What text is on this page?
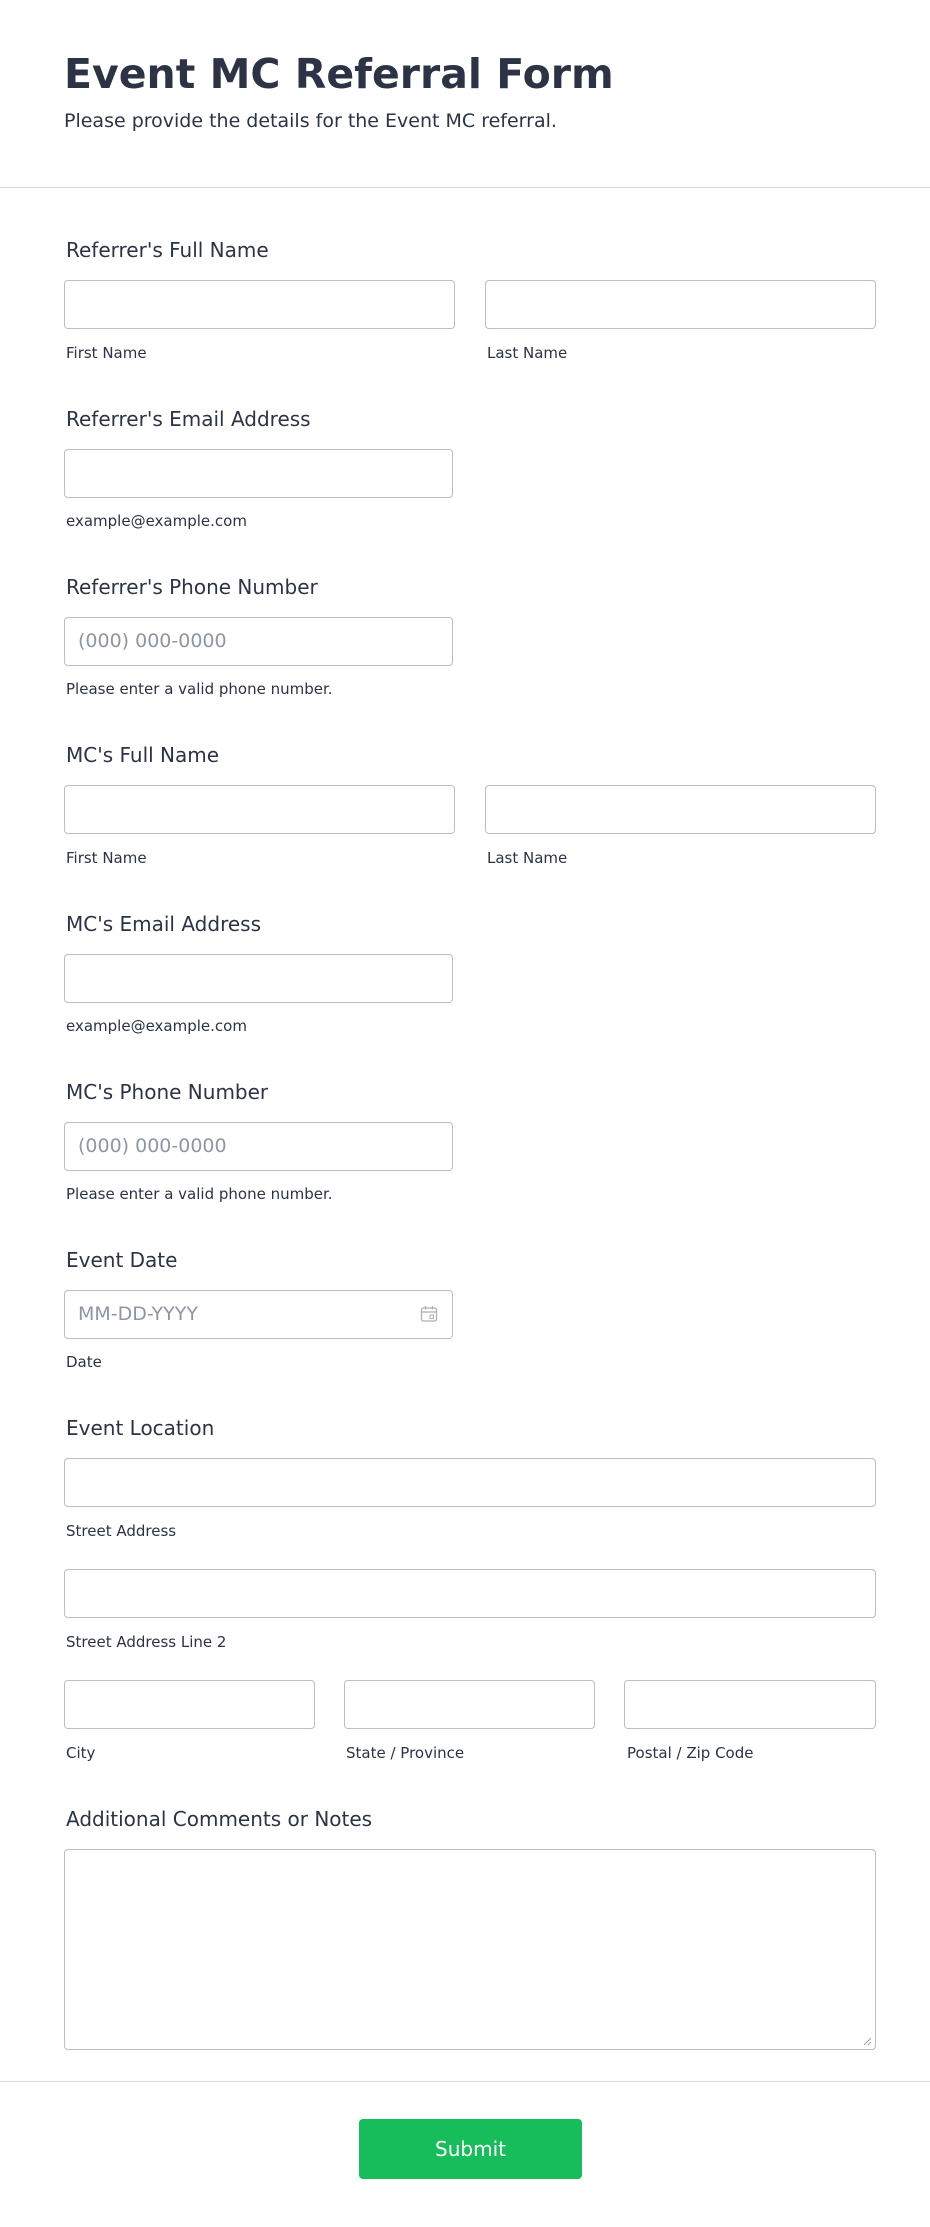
Event MC Referral Form
Please provide the details for the Event MC referral.
Referrer's Full Name
First Name	Last Name
Referrer's Email Address
example@example.com
Referrer's Phone Number
(000) 000-0000
Please enter a valid phone number.
MC's Full Name
First Name	Last Name
MC's Email Address
example@example.com
MC's Phone Number
(000) 000-0000
Please enter a valid phone number.
Event Date
MM-DD-YYYY
Date
Event Location
Street Address
Street Address Line 2
City	State / Province	Postal / Zip Code
Additional Comments or Notes
Submit
